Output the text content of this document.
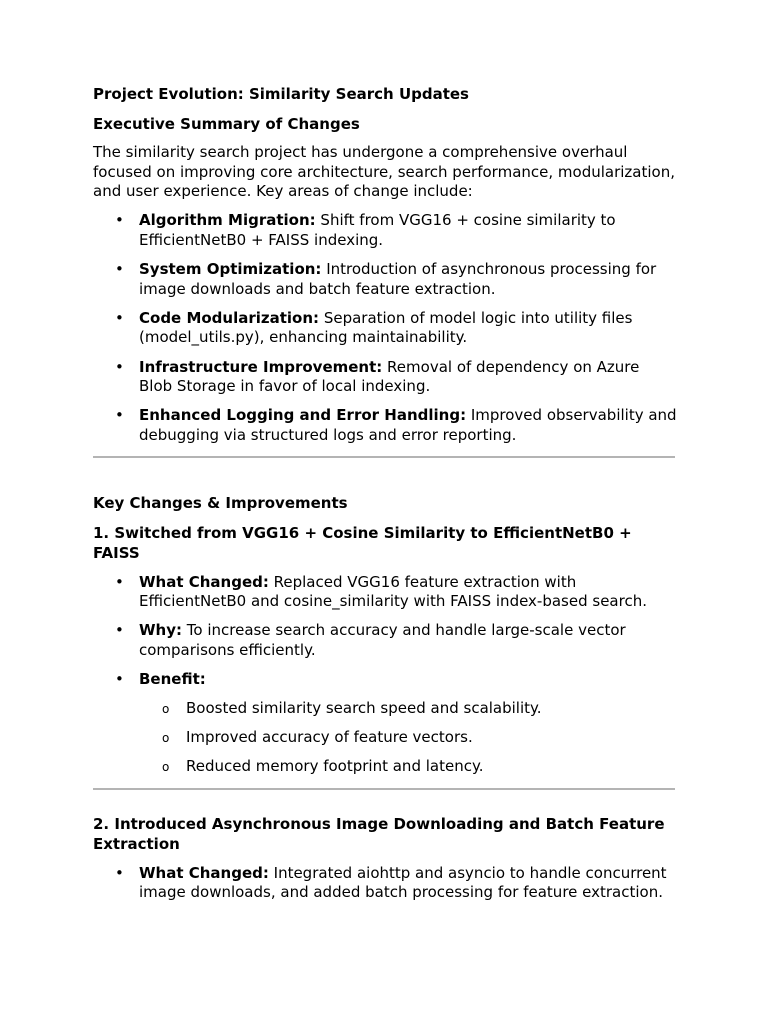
Project Evolution: Similarity Search Updates
Executive Summary of Changes

The similarity search project has undergone a comprehensive overhaul focused on improving core architecture, search performance, modularization, and user experience. Key areas of change include:

• Algorithm Migration: Shift from VGG16 + cosine similarity to EfficientNetB0 + FAISS indexing.
• System Optimization: Introduction of asynchronous processing for image downloads and batch feature extraction.
• Code Modularization: Separation of model logic into utility files (model_utils.py), enhancing maintainability.
• Infrastructure Improvement: Removal of dependency on Azure Blob Storage in favor of local indexing.
• Enhanced Logging and Error Handling: Improved observability and debugging via structured logs and error reporting.
Key Changes & Improvements
1. Switched from VGG16 + Cosine Similarity to EfficientNetB0 + FAISS
• What Changed: Replaced VGG16 feature extraction with EfficientNetB0 and cosine_similarity with FAISS index-based search.
• Why: To increase search accuracy and handle large-scale vector comparisons efficiently.
• Benefit:
o Boosted similarity search speed and scalability.
o Improved accuracy of feature vectors.
o Reduced memory footprint and latency.
2. Introduced Asynchronous Image Downloading and Batch Feature Extraction
• What Changed: Integrated aiohttp and asyncio to handle concurrent image downloads, and added batch processing for feature extraction.
